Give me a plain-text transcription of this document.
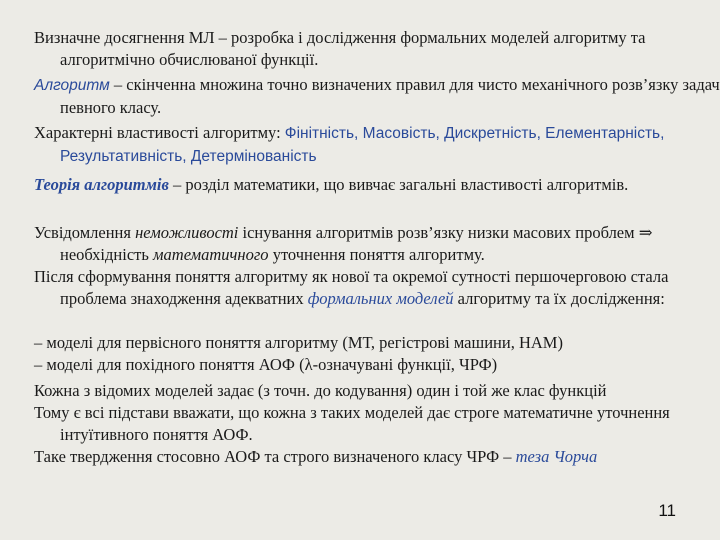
Визначне досягнення МЛ – розробка і дослідження формальних моделей алгоритму та алгоритмічно обчислюваної функції.

Алгоритм – скінченна множина точно визначених правил для чисто механічного розв’язку задач певного класу.

Характерні властивості алгоритму: Фінітність, Масовість, Дискретність, Елементарність, Результативність, Детермінованість

Теорія алгоритмів – розділ математики, що вивчає загальні властивості алгоритмів.

Усвідомлення неможливості існування алгоритмів розв’язку низки масових проблем ⇒ необхідність математичного уточнення поняття алгоритму.

Після сформування поняття алгоритму як нової та окремої сутності першочерговою стала проблема знаходження адекватних формальних моделей алгоритму та їх дослідження:

– моделі для первісного поняття алгоритму (МТ, регістрові машини, НАМ)

– моделі для похідного поняття АОФ (λ-означувані функції, ЧРФ)

Кожна з відомих моделей задає (з точн. до кодування) один і той же клас функцій

Тому є всі підстави вважати, що кожна з таких моделей дає строге математичне уточнення інтуїтивного поняття АОФ.

Таке твердження стосовно АОФ та строго визначеного класу ЧРФ – теза Чорча

11
